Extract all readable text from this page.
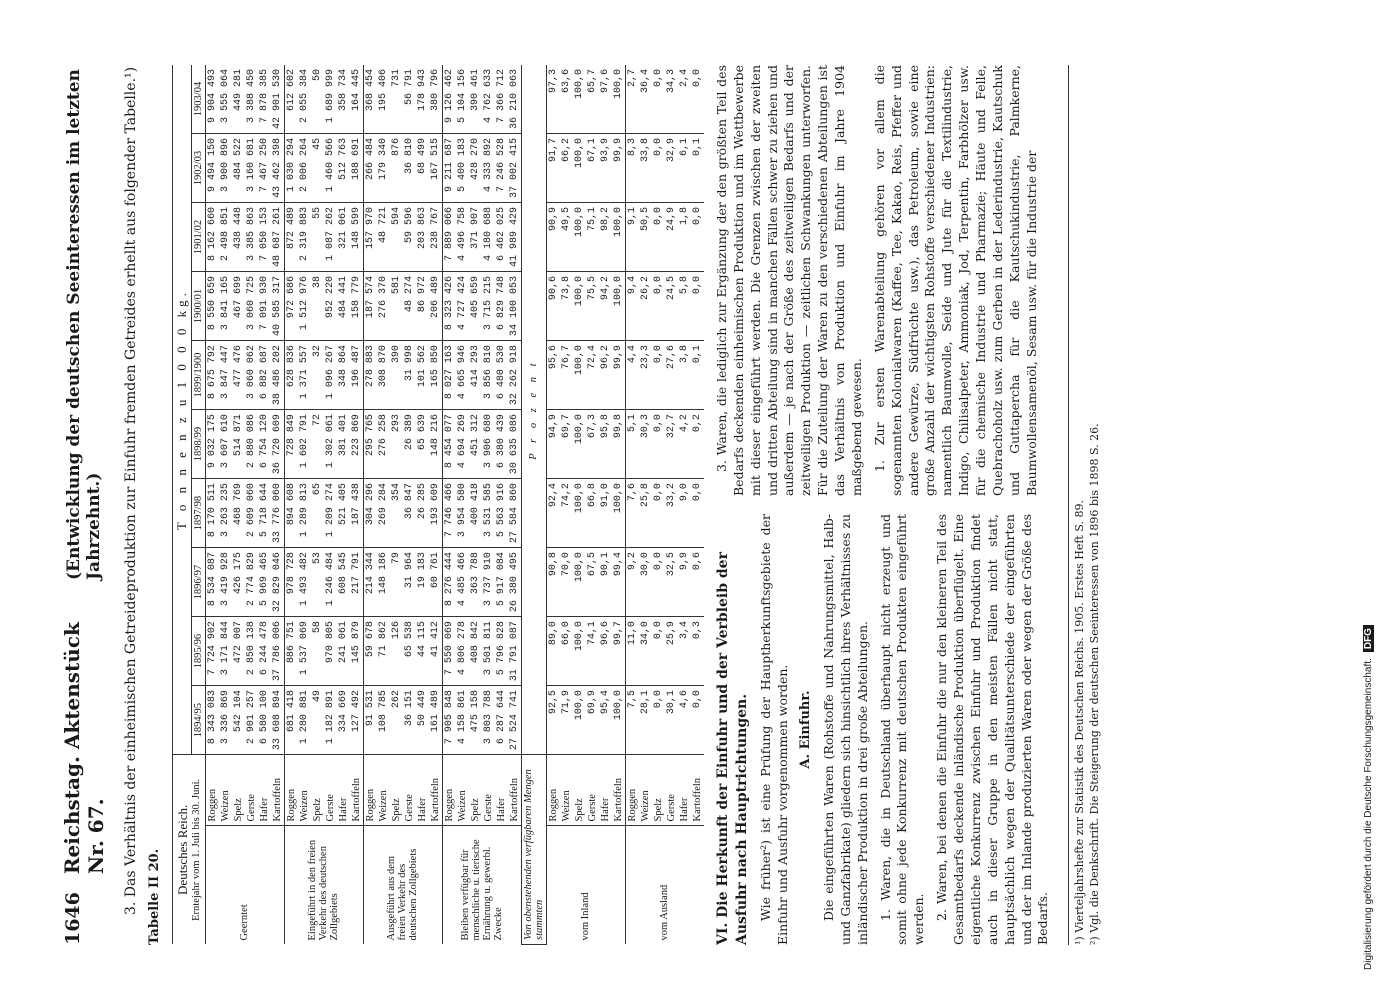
1646
Reichstag. Aktenstück Nr. 67.
(Entwicklung der deutschen Seeinteressen im letzten Jahrzehnt.) 3. Das Verhältnis der einheimischen Getreideproduktion zur Einfuhr fremden Getreides erhellt aus folgender Tabelle.¹) Tabelle II 20. Deutsches Reich. Erntejahr vom 1. Juli bis 30. Juni.		T o n n e n z u 1 0 0 0 kg.									
		1894/95	1895/96	1896/97	1897/98	1898/99	1899/1900	1900/01	1901/02	1902/03	1903/04
Geerntet	Roggen	8 343 083	7 724 902	8 534 087	8 170 511	9 032 175	8 675 792	8 550 659	8 162 660	9 494 150	9 904 493
	Weizen	3 336 869	3 171 844	3 419 928	3 263 235	3 607 610	3 847 447	3 841 165	2 498 851	3 900 896	3 555 064
	Spelz	542 104	472 007	426 175	468 769	514 871	477 476	467 699	438 448	484 522	449 281
	Gerste	2 901 257	2 850 138	2 774 829	2 609 060	2 880 086	3 060 062	3 060 725	3 385 863	3 160 681	3 388 450
	Hafer	6 580 100	6 244 478	5 969 465	5 718 644	6 754 120	6 882 687	7 091 930	7 050 153	7 467 250	7 878 385
	Kartoffeln	33 608 894	37 786 006	32 829 046	33 776 060	36 720 609	38 486 202	40 585 317	48 687 261	43 462 398	42 901 530
Eingeführt in den freien Verkehr des deutschen Zollgebiets	Roggen	681 418	886 751	978 728	894 608	728 849	628 836	972 686	872 489	1 030 294	612 602
	Weizen	1 280 881	1 537 069	1 493 482	1 289 813	1 602 791	1 371 557	1 512 976	2 319 883	2 006 264	2 055 384
	Spelz	49	58	53	65	72	32	38	55	45	50
	Gerste	1 182 891	970 805	1 246 484	1 209 274	1 302 061	1 096 267	952 220	1 087 262	1 460 566	1 689 999
	Hafer	334 669	241 061	608 545	521 405	381 401	348 864	484 441	321 061	512 763	358 734
	Kartoffeln	127 492	145 879	217 791	187 438	223 869	196 487	158 779	148 599	188 691	164 445
Ausgeführt aus dem freien Verkehr des deutschen Zollgebiets	Roggen	91 531	59 678	214 344	304 296	295 765	278 883	187 574	157 970	266 484	368 454
	Weizen	108 785	71 862	148 186	269 284	276 258	308 870	276 370	48 721	179 340	195 406
	Spelz	262	126	79	354	293	390	581	594	876	731
	Gerste	36 151	65 538	31 964	36 847	26 389	31 998	48 274	59 596	36 810	56 791
	Hafer	50 449	44 115	19 183	26 285	65 639	101 562	86 972	203 863	68 499	178 943
	Kartoffeln	161 489	41 412	60 761	193 609	148 216	165 850	206 489	238 767	167 515	380 796
Bleiben verfügbar für menschliche u. tierische Ernährung u. gewerbl. Zwecke	Roggen	7 905 848	7 550 069	8 276 444	7 746 466	8 454 077	8 027 163	8 323 426	7 889 066	9 211 687	9 126 462
	Weizen	4 158 861	4 806 278	4 485 466	3 954 580	4 694 269	4 665 946	4 727 424	4 496 758	5 400 183	5 104 156
	Spelz	475 158	408 842	363 788	400 418	451 312	414 293	405 659	371 907	428 270	390 461
	Gerste	3 803 788	3 501 811	3 737 910	3 531 585	3 906 680	3 856 810	3 715 215	4 180 688	4 333 892	4 762 633
	Hafer	6 287 644	5 796 828	5 917 084	5 563 916	6 380 439	6 480 530	6 829 748	6 462 025	7 246 528	7 366 712
	Kartoffeln	27 524 741	31 791 087	26 380 495	27 584 860	30 635 086	32 262 918	34 100 053	41 989 429	37 002 415	36 210 063
Von obenstehenden verfügbaren Mengen stammten		P r o z e n t									
vom Inland	Roggen	92,5	89,0	90,8	92,4	94,9	95,6	90,6	90,9	91,7	97,3
	Weizen	71,9	66,0	70,0	74,2	69,7	76,7	73,8	49,5	66,2	63,6
	Spelz	100,0	100,0	100,0	100,0	100,0	100,0	100,0	100,0	100,0	100,0
	Gerste	69,9	74,1	67,5	66,8	67,3	72,4	75,5	75,1	67,1	65,7
	Hafer	95,4	96,6	90,1	91,0	95,8	96,2	94,2	98,2	93,9	97,6
	Kartoffeln	100,0	99,7	99,4	100,0	99,8	99,9	100,0	100,0	99,9	100,0
vom Ausland	Roggen	7,5	11,0	9,2	7,6	5,1	4,4	9,4	9,1	8,3	2,7
	Weizen	28,1	34,0	30,0	25,8	30,3	23,3	26,2	50,5	33,8	36,4
	Spelz	0,0	0,0	0,0	0,0	0,0	0,0	0,0	0,0	0,0	0,0
	Gerste	30,1	25,9	32,5	33,2	32,7	27,6	24,5	24,9	32,9	34,3
	Hafer	4,6	3,4	9,9	9,0	4,2	3,8	5,8	1,8	6,1	2,4
	Kartoffeln	0,0	0,3	0,6	0,0	0,2	0,1	0,0	0,0	0,1	0,0
VI. Die Herkunft der Einfuhr und der Verbleib der Ausfuhr nach Hauptrichtungen. Wie früher²) ist eine Prüfung der Hauptherkunftsgebiete der Einfuhr und Ausfuhr vorgenommen worden. A. Einfuhr. Die eingeführten Waren (Rohstoffe und Nahrungsmittel, Halb- und Ganzfabrikate) gliedern sich hinsichtlich ihres Verhältnisses zu inländischer Produktion in drei große Abteilungen. 1. Waren, die in Deutschland überhaupt nicht erzeugt und somit ohne jede Konkurrenz mit deutschen Produkten eingeführt werden. 2. Waren, bei denen die Einfuhr die nur den kleineren Teil des Gesamtbedarfs deckende inländische Produktion überflügelt. Eine eigentliche Konkurrenz zwischen Einfuhr und Produktion findet auch in dieser Gruppe in den meisten Fällen nicht statt, hauptsächlich wegen der Qualitätsunterschiede der eingeführten und der im Inlande produzierten Waren oder wegen der Größe des Bedarfs.

3. Waren, die lediglich zur Ergänzung der den größten Teil des Bedarfs deckenden einheimischen Produktion und im Wettbewerbe mit dieser eingeführt werden. Die Grenzen zwischen der zweiten und dritten Abteilung sind in manchen Fällen schwer zu ziehen und außerdem — je nach der Größe des zeitweiligen Bedarfs und der zeitweiligen Produktion — zeitlichen Schwankungen unterworfen. Für die Zuteilung der Waren zu den verschiedenen Abteilungen ist das Verhältnis von Produktion und Einfuhr im Jahre 1904 maßgebend gewesen. 1. Zur ersten Warenabteilung gehören vor allem die sogenannten Kolonialwaren (Kaffee, Tee, Kakao, Reis, Pfeffer und andere Gewürze, Südfrüchte usw.), das Petroleum, sowie eine große Anzahl der wichtigsten Rohstoffe verschiedener Industrien: namentlich Baumwolle, Seide und Jute für die Textilindustrie, Indigo, Chilisalpeter, Ammoniak, Jod, Terpentin, Farbhölzer usw. für die chemische Industrie und Pharmazie; Häute und Felle, Quebrachoholz usw. zum Gerben in der Lederindustrie, Kautschuk und Guttapercha für die Kautschukindustrie, Palmkerne, Baumwollensamenöl, Sesam usw. für die Industrie der

¹) Vierteljahrshefte zur Statistik des Deutschen Reichs. 1905. Erstes Heft S. 89. ²) Vgl. die Denkschrift. Die Steigerung der deutschen Seeinteressen von 1896 bis 1898 S. 26.	Digitalisierung gefördert durch die Deutsche Forschungsgemeinschaft.
DFG
